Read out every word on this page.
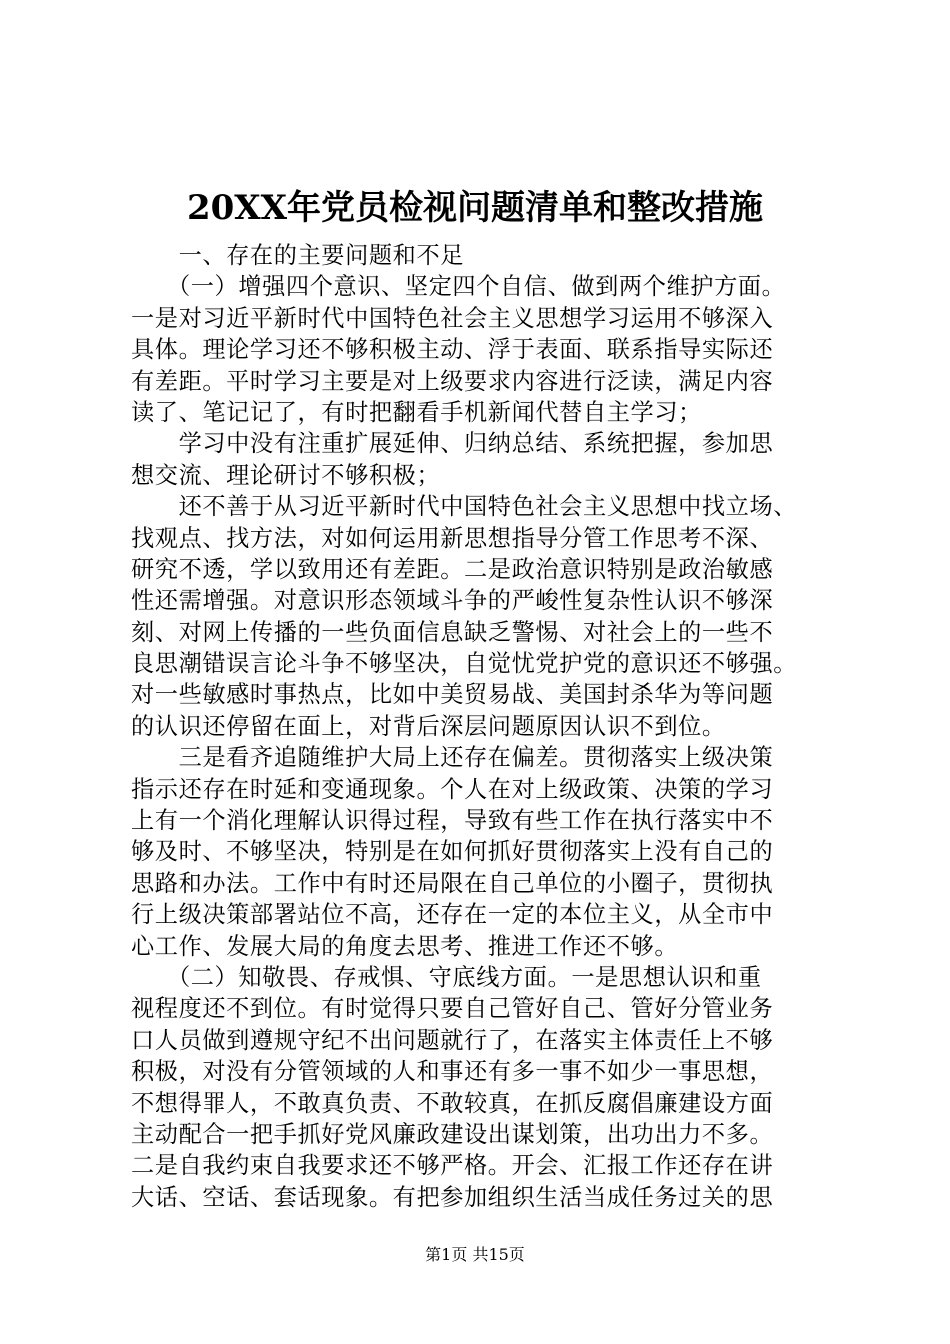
20XX年党员检视问题清单和整改措施
　　一、存在的主要问题和不足
　　（一）增强四个意识、坚定四个自信、做到两个维护方面。
一是对习近平新时代中国特色社会主义思想学习运用不够深入
具体。理论学习还不够积极主动、浮于表面、联系指导实际还
有差距。平时学习主要是对上级要求内容进行泛读，满足内容
读了、笔记记了，有时把翻看手机新闻代替自主学习；
　　学习中没有注重扩展延伸、归纳总结、系统把握，参加思
想交流、理论研讨不够积极；
　　还不善于从习近平新时代中国特色社会主义思想中找立场、
找观点、找方法，对如何运用新思想指导分管工作思考不深、
研究不透，学以致用还有差距。二是政治意识特别是政治敏感
性还需增强。对意识形态领域斗争的严峻性复杂性认识不够深
刻、对网上传播的一些负面信息缺乏警惕、对社会上的一些不
良思潮错误言论斗争不够坚决，自觉忧党护党的意识还不够强。
对一些敏感时事热点，比如中美贸易战、美国封杀华为等问题
的认识还停留在面上，对背后深层问题原因认识不到位。
　　三是看齐追随维护大局上还存在偏差。贯彻落实上级决策
指示还存在时延和变通现象。个人在对上级政策、决策的学习
上有一个消化理解认识得过程，导致有些工作在执行落实中不
够及时、不够坚决，特别是在如何抓好贯彻落实上没有自己的
思路和办法。工作中有时还局限在自己单位的小圈子，贯彻执
行上级决策部署站位不高，还存在一定的本位主义，从全市中
心工作、发展大局的角度去思考、推进工作还不够。
　　（二）知敬畏、存戒惧、守底线方面。一是思想认识和重
视程度还不到位。有时觉得只要自己管好自己、管好分管业务
口人员做到遵规守纪不出问题就行了，在落实主体责任上不够
积极，对没有分管领域的人和事还有多一事不如少一事思想，
不想得罪人，不敢真负责、不敢较真，在抓反腐倡廉建设方面
主动配合一把手抓好党风廉政建设出谋划策，出功出力不多。
二是自我约束自我要求还不够严格。开会、汇报工作还存在讲
大话、空话、套话现象。有把参加组织生活当成任务过关的思
第1页 共15页
